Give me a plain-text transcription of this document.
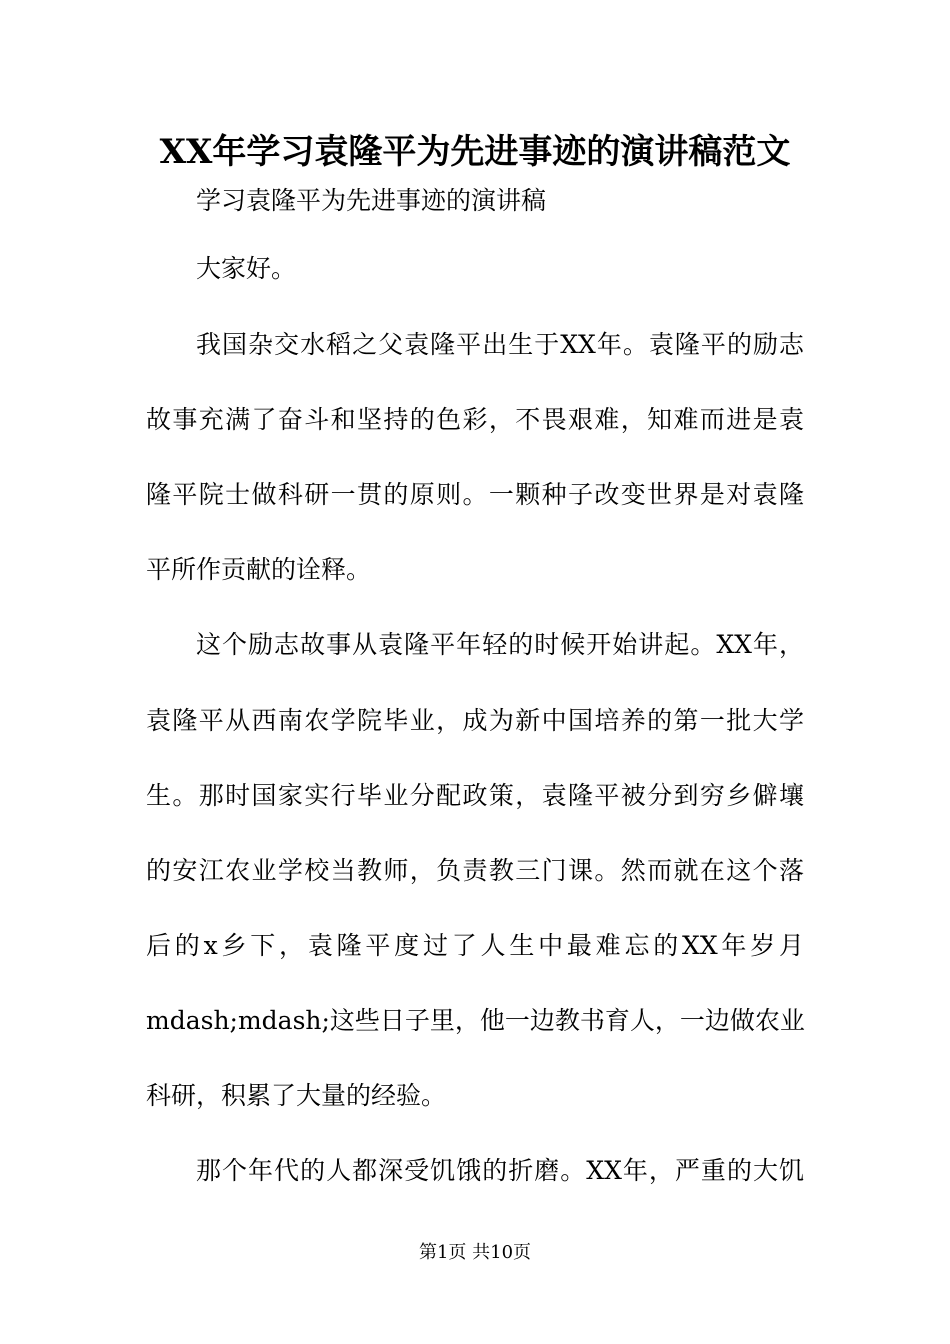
XX年学习袁隆平为先进事迹的演讲稿范文
学习袁隆平为先进事迹的演讲稿
大家好。
我国杂交水稻之父袁隆平出生于XX年。袁隆平的励志
故事充满了奋斗和坚持的色彩，不畏艰难，知难而进是袁
隆平院士做科研一贯的原则。一颗种子改变世界是对袁隆
平所作贡献的诠释。
这个励志故事从袁隆平年轻的时候开始讲起。XX年，
袁隆平从西南农学院毕业，成为新中国培养的第一批大学
生。那时国家实行毕业分配政策，袁隆平被分到穷乡僻壤
的安江农业学校当教师，负责教三门课。然而就在这个落
后的x乡下，袁隆平度过了人生中最难忘的XX年岁月
mdash;mdash;这些日子里，他一边教书育人，一边做农业
科研，积累了大量的经验。
那个年代的人都深受饥饿的折磨。XX年，严重的大饥
第1页 共10页
